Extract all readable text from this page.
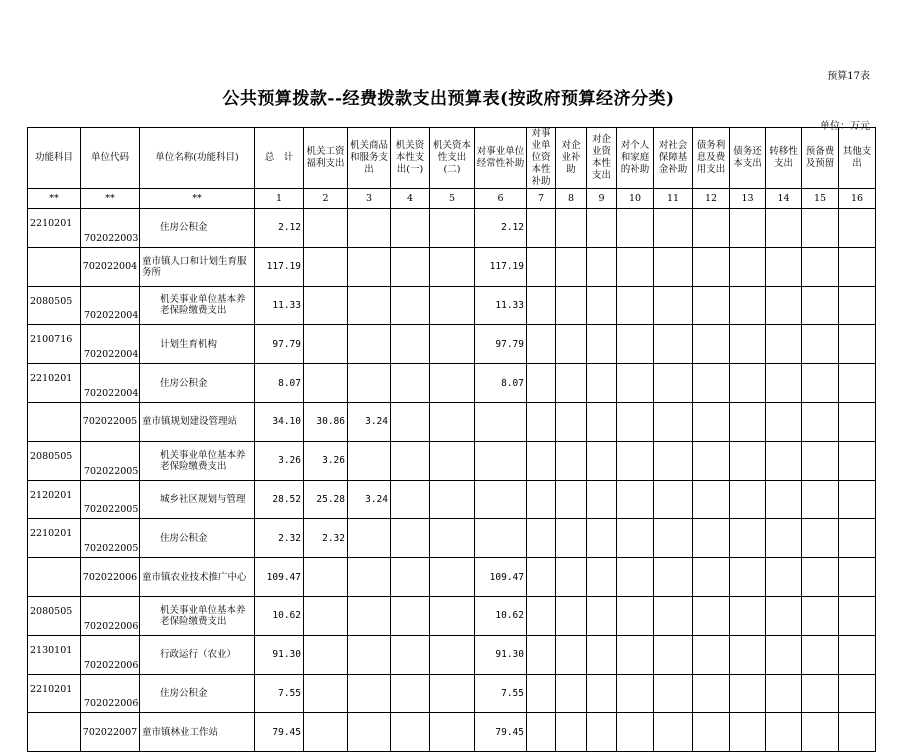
预算17表
公共预算拨款--经费拨款支出预算表(按政府预算经济分类)
单位：万元
功能科目	单位代码	单位名称(功能科目)	总　计	机关工资福利支出	机关商品和服务支出	机关资本性支出(一)	机关资本性支出(二)	对事业单位经常性补助	对事业单位资本性补助	对企业补助	对企业资本性支出	对个人和家庭的补助	对社会保障基金补助	债务利息及费用支出	债务还本支出	转移性支出	预备费及预留	其他支出
**	**	**	1	2	3	4	5	6	7	8	9	10	11	12	13	14	15	16
2210201	702022003	住房公积金	2.12					2.12										
	702022004	童市镇人口和计划生育服务所	117.19					117.19										
2080505	702022004	机关事业单位基本养老保险缴费支出	11.33					11.33										
2100716	702022004	计划生育机构	97.79					97.79										
2210201	702022004	住房公积金	8.07					8.07										
	702022005	童市镇规划建设管理站	34.10	30.86	3.24													
2080505	702022005	机关事业单位基本养老保险缴费支出	3.26	3.26														
2120201	702022005	城乡社区规划与管理	28.52	25.28	3.24													
2210201	702022005	住房公积金	2.32	2.32														
	702022006	童市镇农业技术推广中心	109.47					109.47										
2080505	702022006	机关事业单位基本养老保险缴费支出	10.62					10.62										
2130101	702022006	行政运行（农业）	91.30					91.30										
2210201	702022006	住房公积金	7.55					7.55										
	702022007	童市镇林业工作站	79.45					79.45										
